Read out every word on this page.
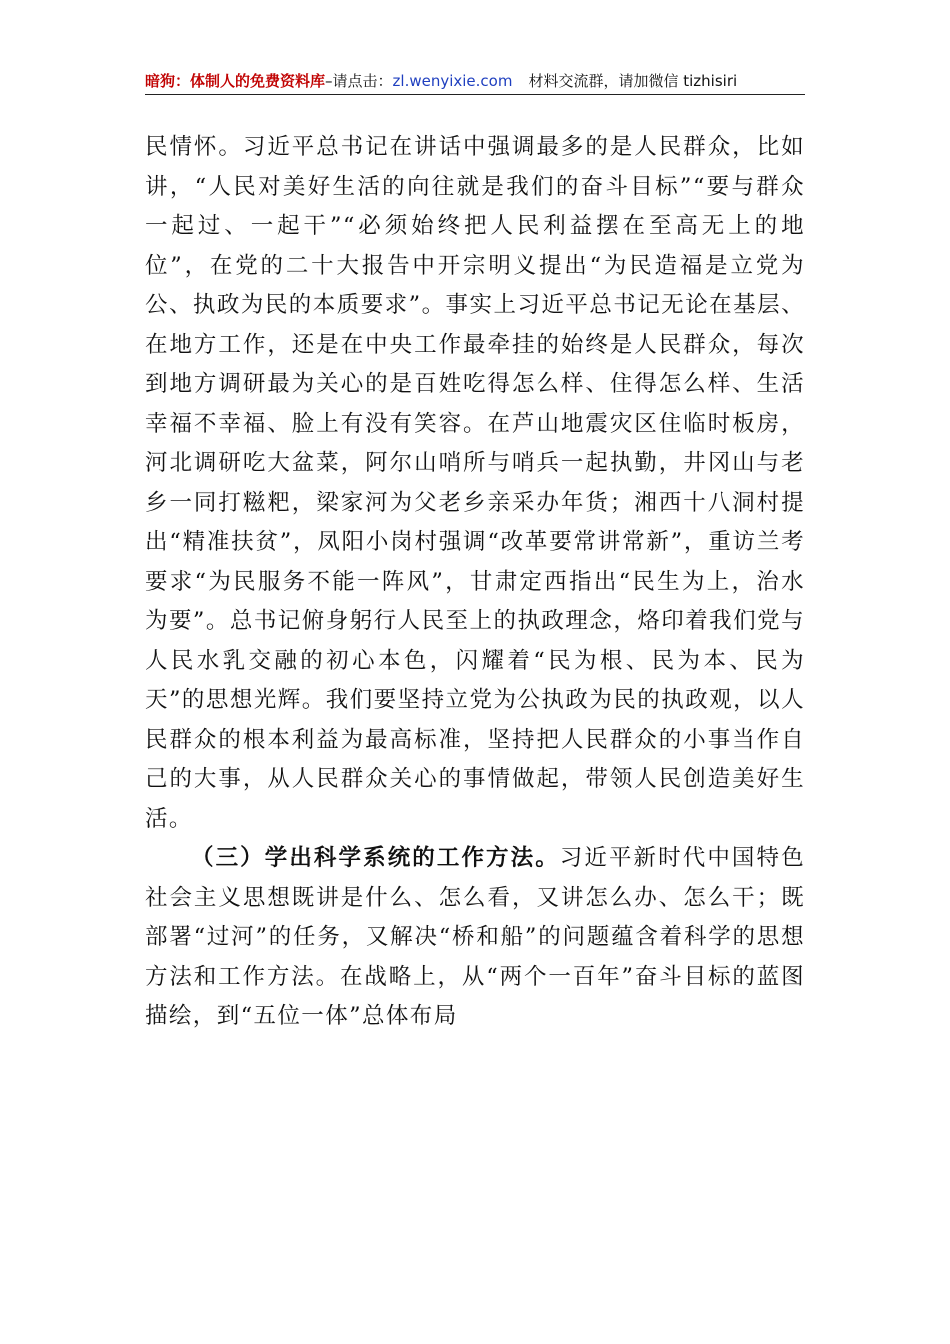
暗狗：体制人的免费资料库–请点击：zl.wenyixie.com 材料交流群，请加微信 tizhisiri

民情怀。习近平总书记在讲话中强调最多的是人民群众，比如讲，“人民对美好生活的向往就是我们的奋斗目标”“要与群众一起过、一起干”“必须始终把人民利益摆在至高无上的地位”，在党的二十大报告中开宗明义提出“为民造福是立党为公、执政为民的本质要求”。事实上习近平总书记无论在基层、在地方工作，还是在中央工作最牵挂的始终是人民群众，每次到地方调研最为关心的是百姓吃得怎么样、住得怎么样、生活幸福不幸福、脸上有没有笑容。在芦山地震灾区住临时板房，河北调研吃大盆菜，阿尔山哨所与哨兵一起执勤，井冈山与老乡一同打糍粑，梁家河为父老乡亲采办年货；湘西十八洞村提出“精准扶贫”，凤阳小岗村强调“改革要常讲常新”，重访兰考要求“为民服务不能一阵风”，甘肃定西指出“民生为上，治水为要”。总书记俯身躬行人民至上的执政理念，烙印着我们党与人民水乳交融的初心本色，闪耀着“民为根、民为本、民为天”的思想光辉。我们要坚持立党为公执政为民的执政观，以人民群众的根本利益为最高标准，坚持把人民群众的小事当作自己的大事，从人民群众关心的事情做起，带领人民创造美好生活。

（三）学出科学系统的工作方法。习近平新时代中国特色社会主义思想既讲是什么、怎么看，又讲怎么办、怎么干；既部署“过河”的任务，又解决“桥和船”的问题蕴含着科学的思想方法和工作方法。在战略上，从“两个一百年”奋斗目标的蓝图描绘，到“五位一体”总体布局
